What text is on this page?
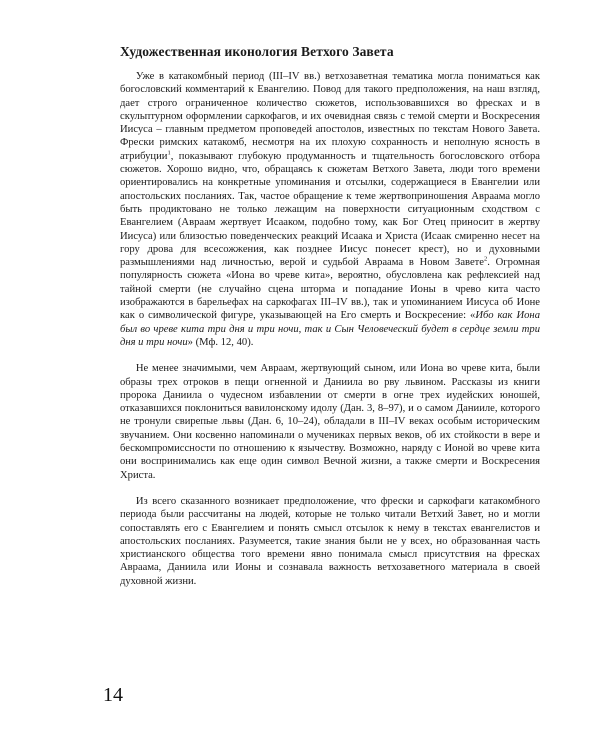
Художественная иконология Ветхого Завета

Уже в катакомбный период (III–IV вв.) ветхозаветная тематика могла пониматься как богословский комментарий к Евангелию. Повод для такого предположения, на наш взгляд, дает строго ограниченное количество сюжетов, использовавшихся во фресках и в скульптурном оформлении саркофагов, и их очевидная связь с темой смерти и Воскресения Иисуса – главным предметом проповедей апостолов, известных по текстам Нового Завета. Фрески римских катакомб, несмотря на их плохую сохранность и неполную ясность в атрибуции$^1$, показывают глубокую продуманность и тщательность богословского отбора сюжетов. Хорошо видно, что, обращаясь к сюжетам Ветхого Завета, люди того времени ориентировались на конкретные упоминания и отсылки, содержащиеся в Евангелии или апостольских посланиях. Так, частое обращение к теме жертвоприношения Авраама могло быть продиктовано не только лежащим на поверхности ситуационным сходством с Евангелием (Авраам жертвует Исааком, подобно тому, как Бог Отец приносит в жертву Иисуса) или близостью поведенческих реакций Исаака и Христа (Исаак смиренно несет на гору дрова для всесожжения, как позднее Иисус понесет крест), но и духовными размышлениями над личностью, верой и судьбой Авраама в Новом Завете$^2$. Огромная популярность сюжета «Иона во чреве кита», вероятно, обусловлена как рефлексией над тайной смерти (не случайно сцена шторма и попадание Ионы в чрево кита часто изображаются в барельефах на саркофагах III–IV вв.), так и упоминанием Иисуса об Ионе как о символической фигуре, указывающей на Его смерть и Воскресение: «Ибо как Иона был во чреве кита три дня и три ночи, так и Сын Человеческий будет в сердце земли три дня и три ночи» (Мф. 12, 40).

Не менее значимыми, чем Авраам, жертвующий сыном, или Иона во чреве кита, были образы трех отроков в пещи огненной и Даниила во рву львином. Рассказы из книги пророка Даниила о чудесном избавлении от смерти в огне трех иудейских юношей, отказавшихся поклониться вавилонскому идолу (Дан. 3, 8–97), и о самом Данииле, которого не тронули свирепые львы (Дан. 6, 10–24), обладали в III–IV веках особым историческим звучанием. Они косвенно напоминали о мучениках первых веков, об их стойкости в вере и бескомпромиссности по отношению к язычеству. Возможно, наряду с Ионой во чреве кита они воспринимались как еще один символ Вечной жизни, а также смерти и Воскресения Христа.

Из всего сказанного возникает предположение, что фрески и саркофаги катакомбного периода были рассчитаны на людей, которые не только читали Ветхий Завет, но и могли сопоставлять его с Евангелием и понять смысл отсылок к нему в текстах евангелистов и апостольских посланиях. Разумеется, такие знания были не у всех, но образованная часть христианского общества того времени явно понимала смысл присутствия на фресках Авраама, Даниила или Ионы и сознавала важность ветхозаветного материала в своей духовной жизни.

14
